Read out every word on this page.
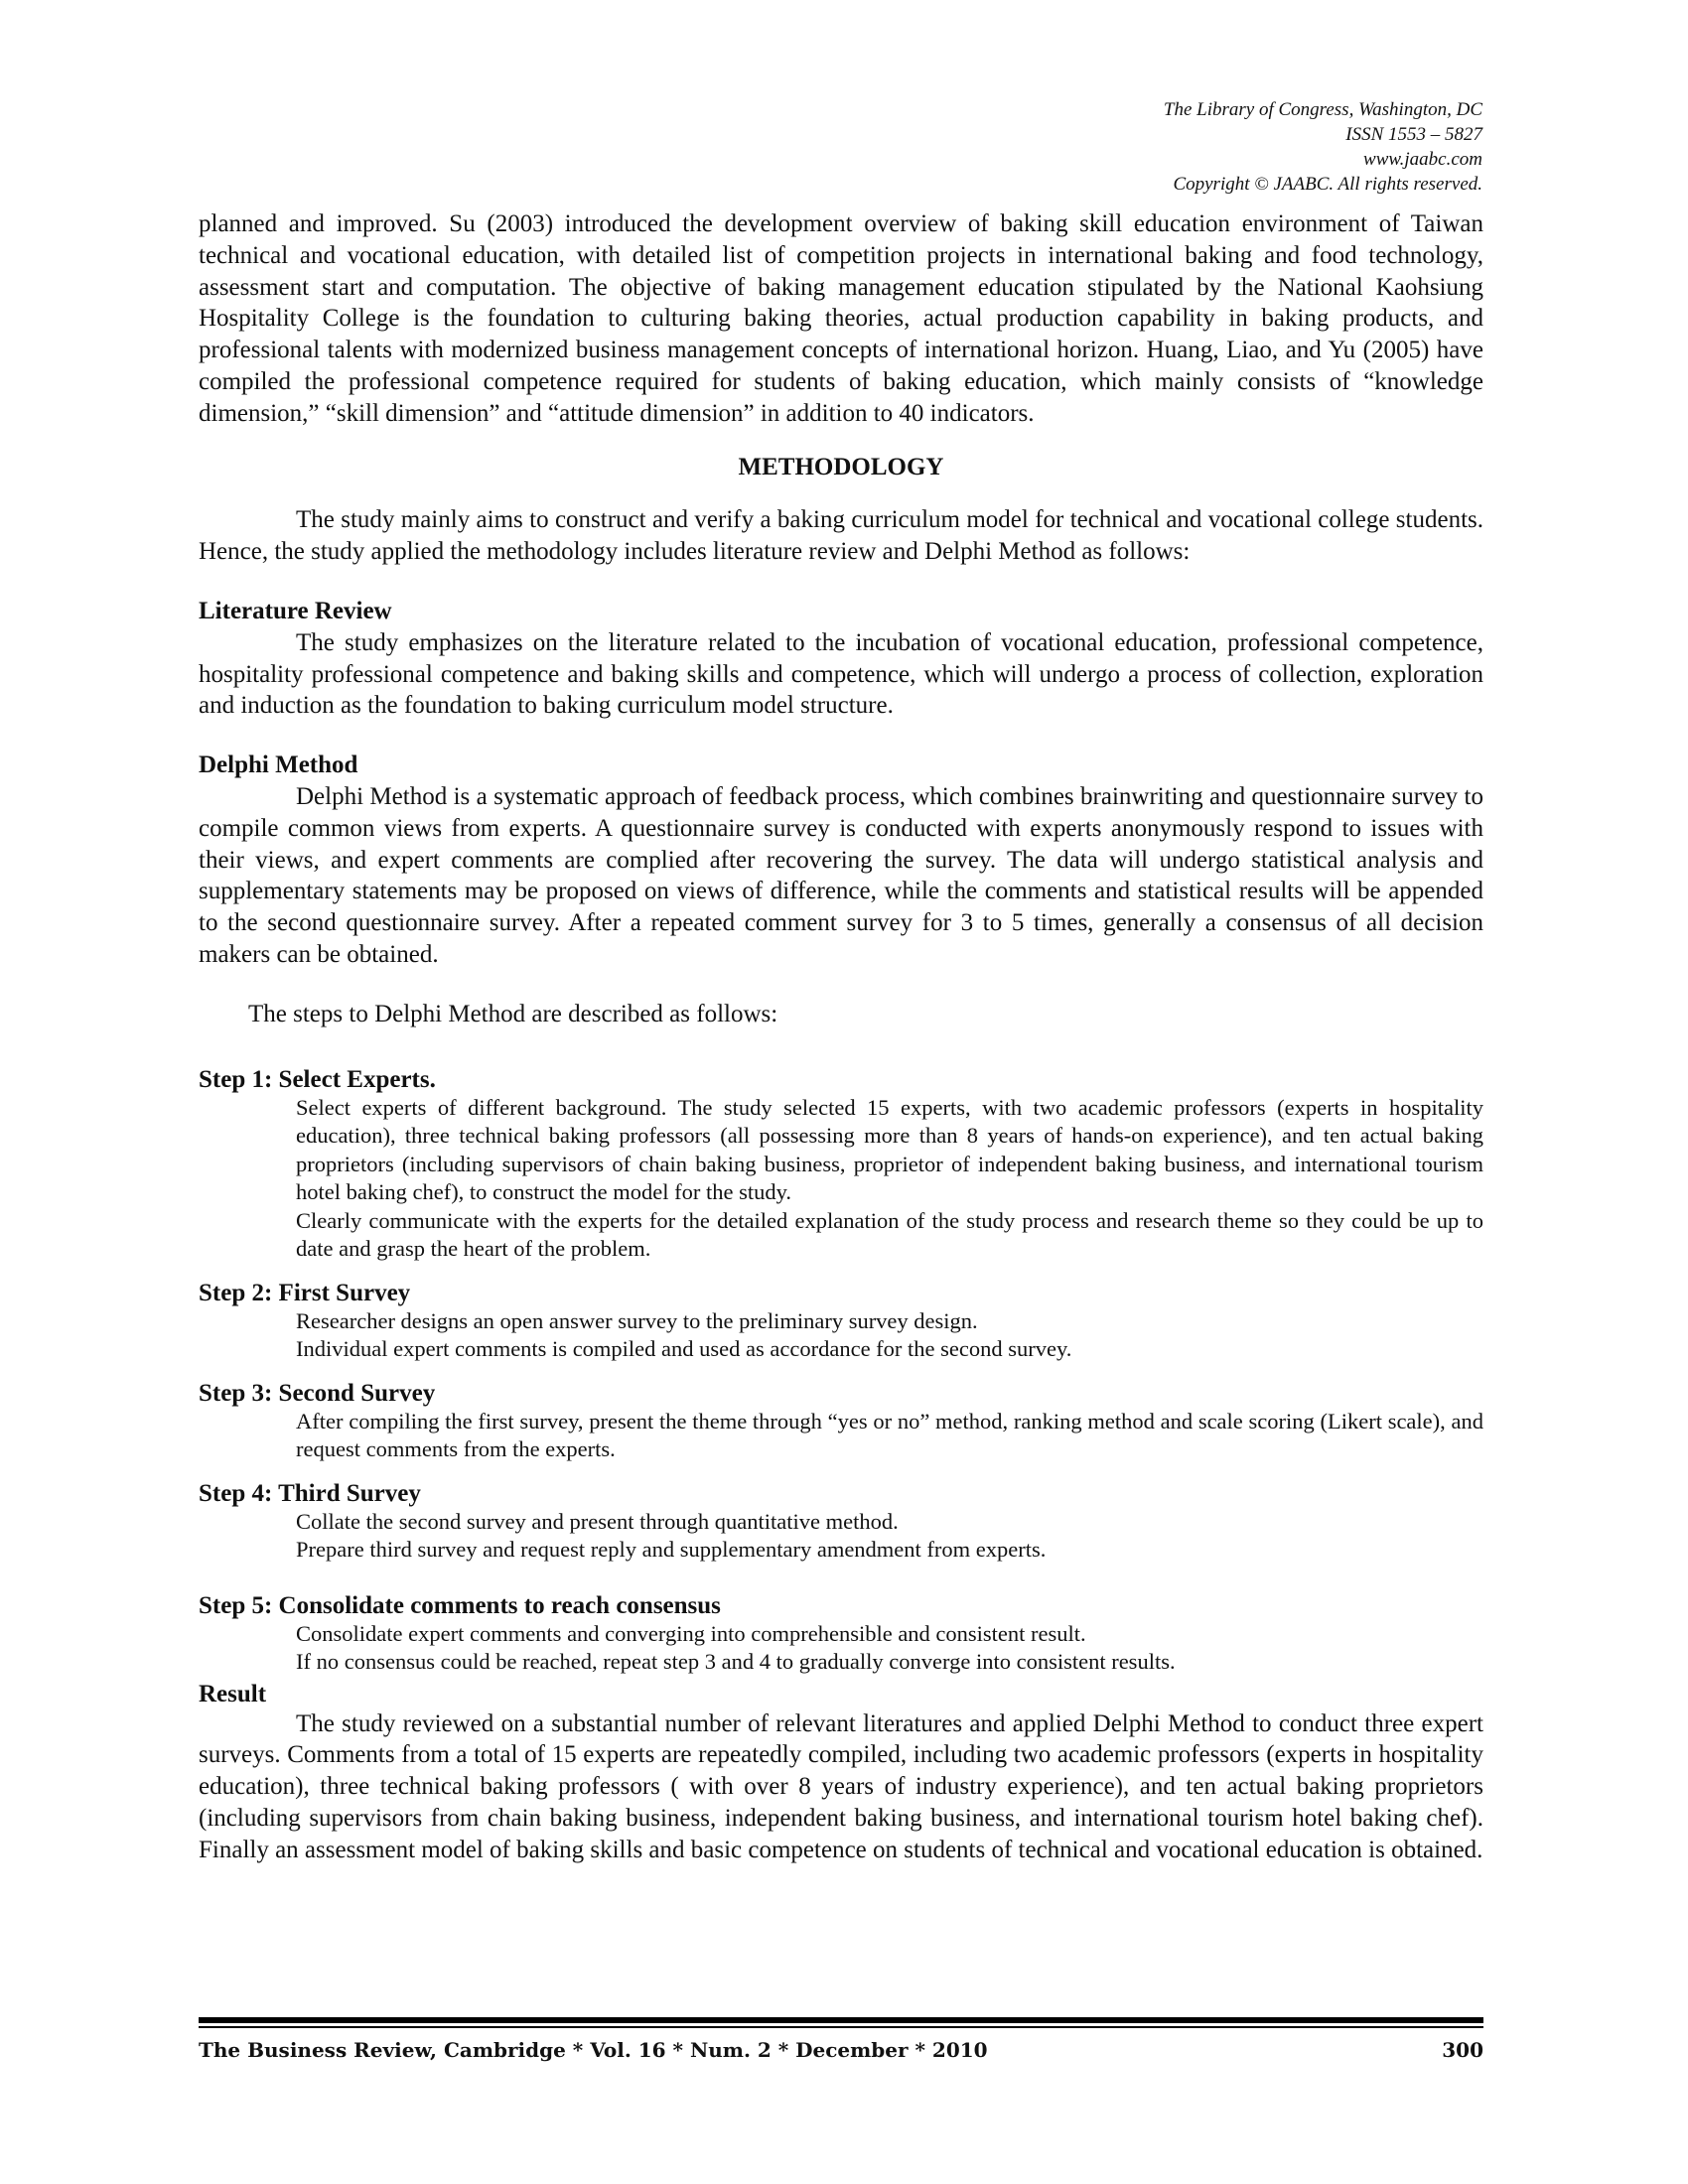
The Library of Congress, Washington, DC
ISSN 1553 – 5827
www.jaabc.com
Copyright © JAABC. All rights reserved.

planned and improved. Su (2003) introduced the development overview of baking skill education environment of Taiwan technical and vocational education, with detailed list of competition projects in international baking and food technology, assessment start and computation. The objective of baking management education stipulated by the National Kaohsiung Hospitality College is the foundation to culturing baking theories, actual production capability in baking products, and professional talents with modernized business management concepts of international horizon. Huang, Liao, and Yu (2005) have compiled the professional competence required for students of baking education, which mainly consists of “knowledge dimension,” “skill dimension” and “attitude dimension” in addition to 40 indicators.

METHODOLOGY

The study mainly aims to construct and verify a baking curriculum model for technical and vocational college students. Hence, the study applied the methodology includes literature review and Delphi Method as follows:

Literature Review

The study emphasizes on the literature related to the incubation of vocational education, professional competence, hospitality professional competence and baking skills and competence, which will undergo a process of collection, exploration and induction as the foundation to baking curriculum model structure.

Delphi Method

Delphi Method is a systematic approach of feedback process, which combines brainwriting and questionnaire survey to compile common views from experts. A questionnaire survey is conducted with experts anonymously respond to issues with their views, and expert comments are complied after recovering the survey. The data will undergo statistical analysis and supplementary statements may be proposed on views of difference, while the comments and statistical results will be appended to the second questionnaire survey. After a repeated comment survey for 3 to 5 times, generally a consensus of all decision makers can be obtained.

The steps to Delphi Method are described as follows:

Step 1: Select Experts.

Select experts of different background. The study selected 15 experts, with two academic professors (experts in hospitality education), three technical baking professors (all possessing more than 8 years of hands-on experience), and ten actual baking proprietors (including supervisors of chain baking business, proprietor of independent baking business, and international tourism hotel baking chef), to construct the model for the study.

Clearly communicate with the experts for the detailed explanation of the study process and research theme so they could be up to date and grasp the heart of the problem.

Step 2: First Survey

Researcher designs an open answer survey to the preliminary survey design.

Individual expert comments is compiled and used as accordance for the second survey.

Step 3: Second Survey

After compiling the first survey, present the theme through “yes or no” method, ranking method and scale scoring (Likert scale), and request comments from the experts.

Step 4: Third Survey

Collate the second survey and present through quantitative method.

Prepare third survey and request reply and supplementary amendment from experts.

Step 5: Consolidate comments to reach consensus

Consolidate expert comments and converging into comprehensible and consistent result.

If no consensus could be reached, repeat step 3 and 4 to gradually converge into consistent results.

Result

The study reviewed on a substantial number of relevant literatures and applied Delphi Method to conduct three expert surveys. Comments from a total of 15 experts are repeatedly compiled, including two academic professors (experts in hospitality education), three technical baking professors ( with over 8 years of industry experience), and ten actual baking proprietors (including supervisors from chain baking business, independent baking business, and international tourism hotel baking chef). Finally an assessment model of baking skills and basic competence on students of technical and vocational education is obtained.

The Business Review, Cambridge * Vol. 16 * Num. 2 * December * 2010	300
